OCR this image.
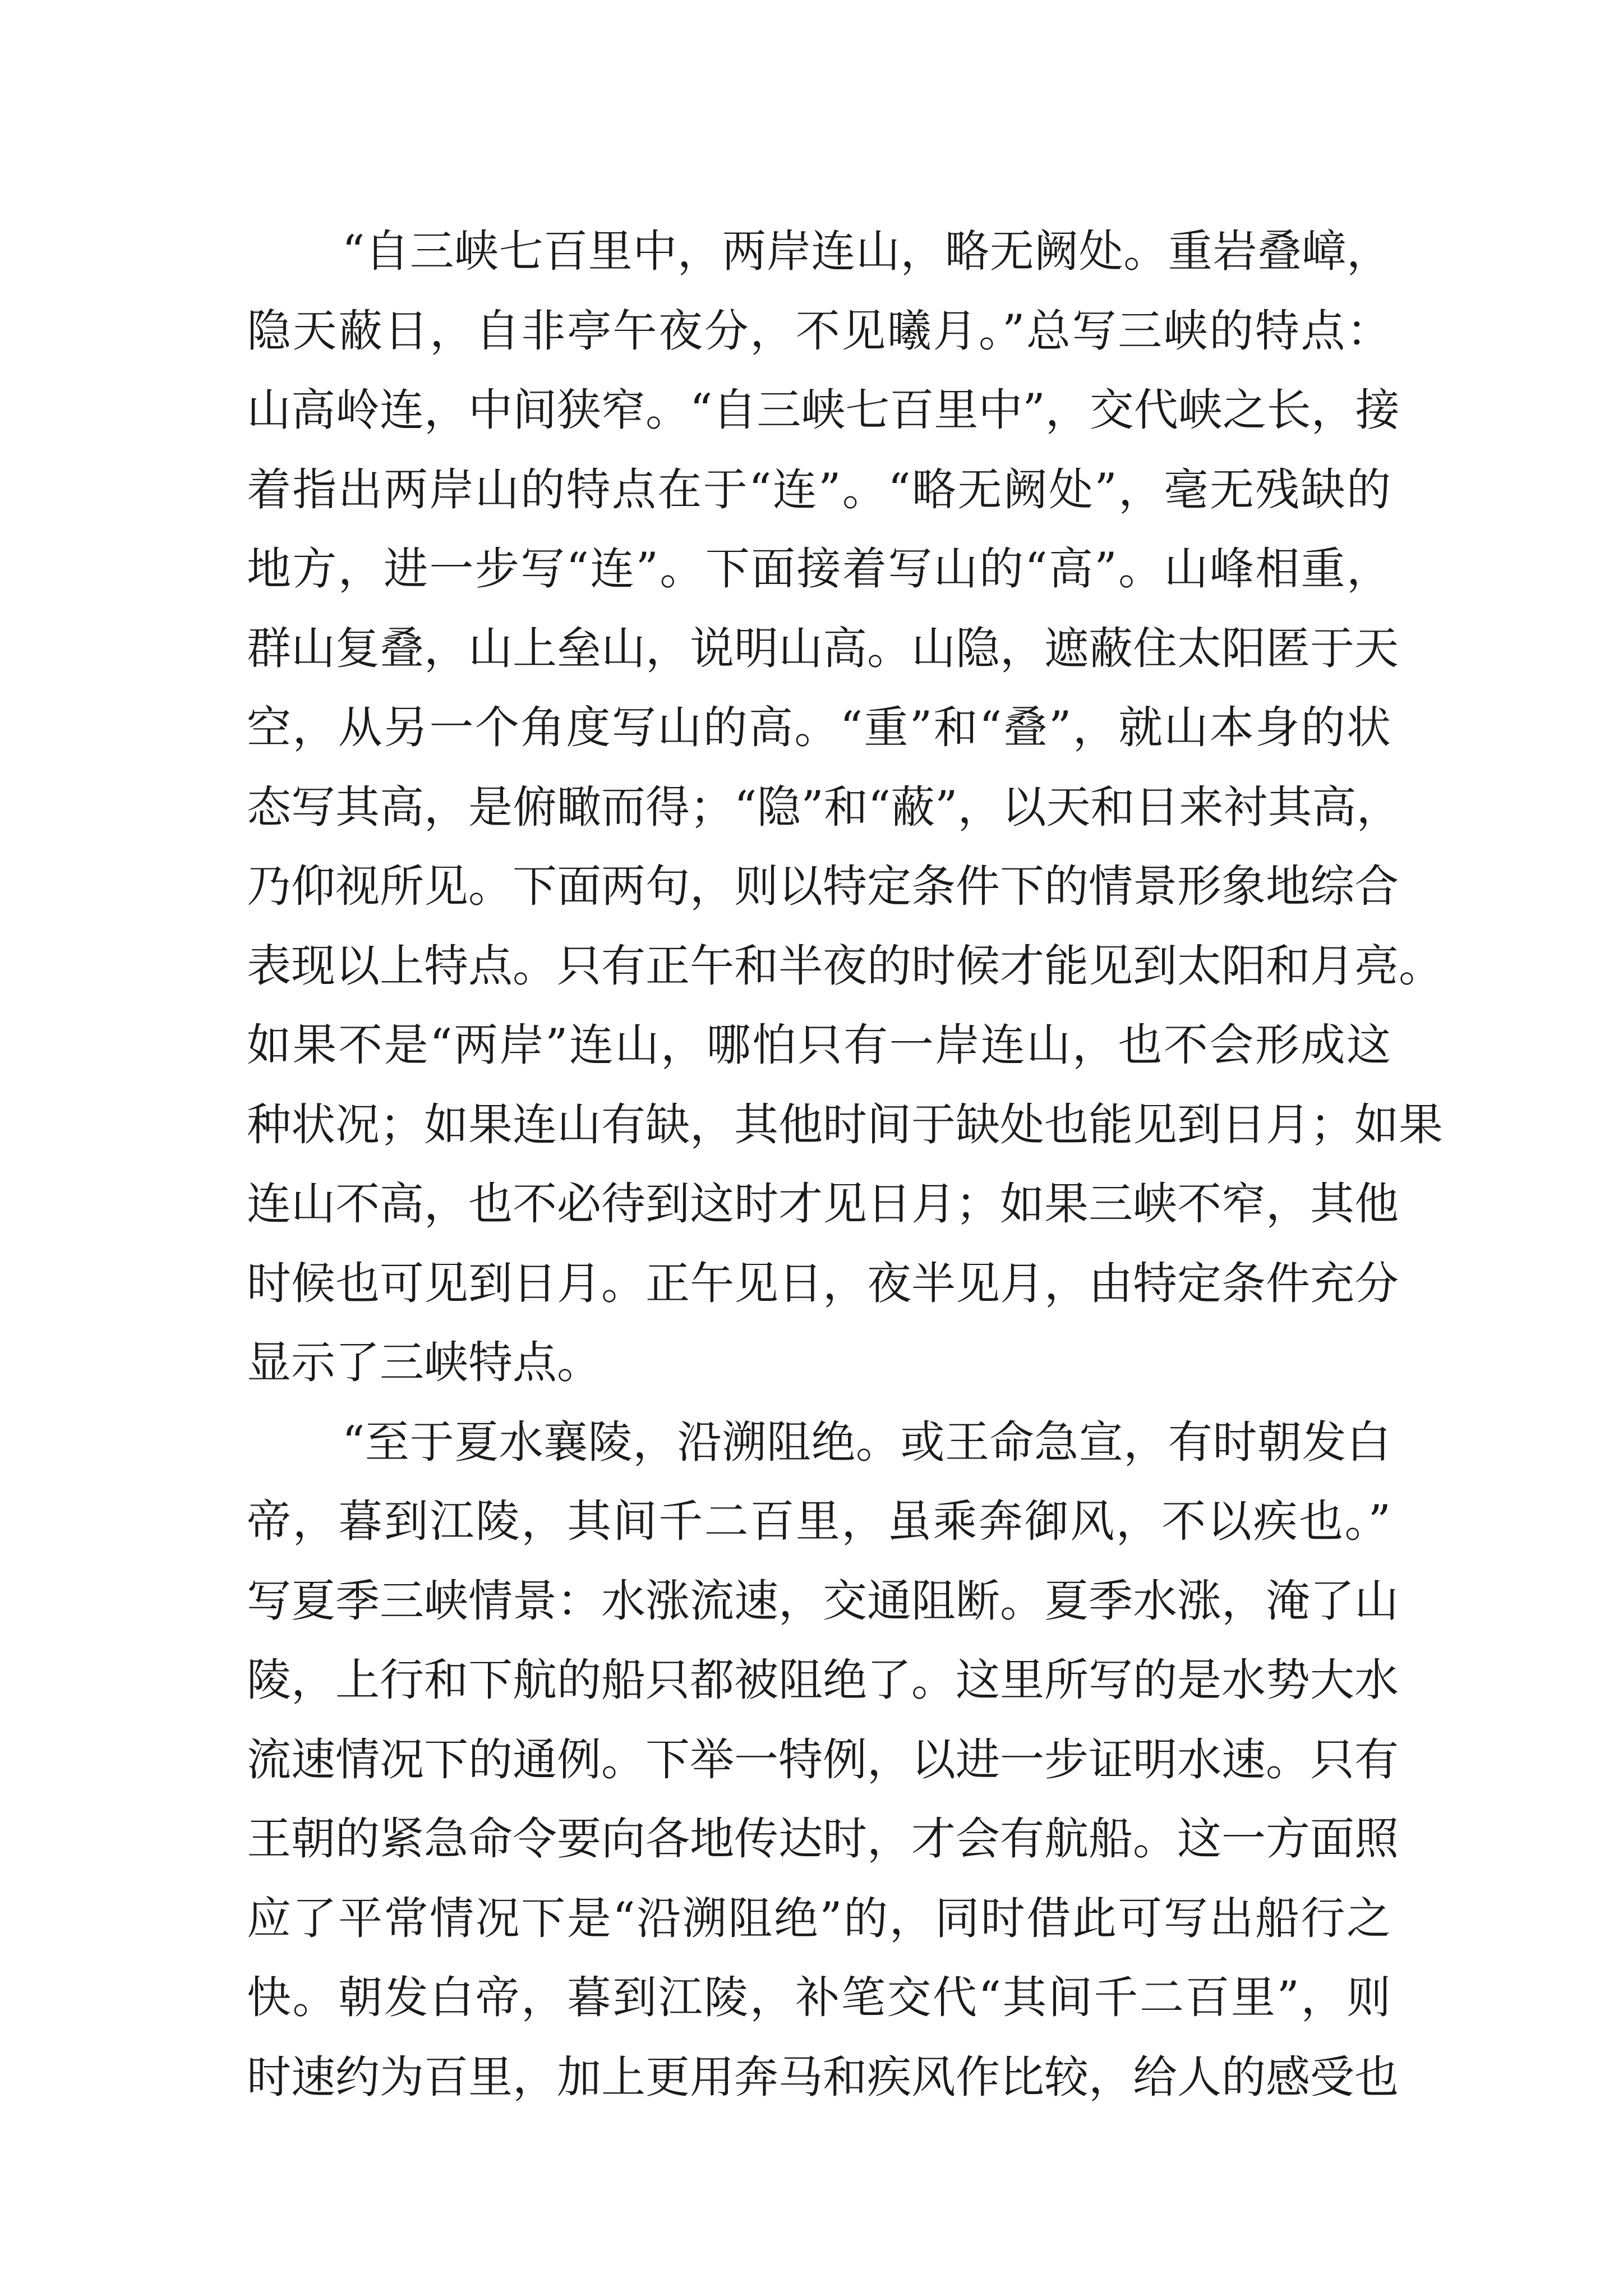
“自三峡七百里中，两岸连山，略无阙处。重岩叠嶂，
隐天蔽日，自非亭午夜分，不见曦月。”总写三峡的特点：
山高岭连，中间狭窄。“自三峡七百里中”，交代峡之长，接
着指出两岸山的特点在于“连”。“略无阙处”，毫无残缺的
地方，进一步写“连”。下面接着写山的“高”。山峰相重，
群山复叠，山上垒山，说明山高。山隐，遮蔽住太阳匿于天
空，从另一个角度写山的高。“重”和“叠”，就山本身的状
态写其高，是俯瞰而得；“隐”和“蔽”，以天和日来衬其高，
乃仰视所见。下面两句，则以特定条件下的情景形象地综合
表现以上特点。只有正午和半夜的时候才能见到太阳和月亮。
如果不是“两岸”连山，哪怕只有一岸连山，也不会形成这
种状况；如果连山有缺，其他时间于缺处也能见到日月；如果
连山不高，也不必待到这时才见日月；如果三峡不窄，其他
时候也可见到日月。正午见日，夜半见月，由特定条件充分
显示了三峡特点。
“至于夏水襄陵，沿溯阻绝。或王命急宣，有时朝发白
帝，暮到江陵，其间千二百里，虽乘奔御风，不以疾也。”
写夏季三峡情景：水涨流速，交通阻断。夏季水涨，淹了山
陵，上行和下航的船只都被阻绝了。这里所写的是水势大水
流速情况下的通例。下举一特例，以进一步证明水速。只有
王朝的紧急命令要向各地传达时，才会有航船。这一方面照
应了平常情况下是“沿溯阻绝”的，同时借此可写出船行之
快。朝发白帝，暮到江陵，补笔交代“其间千二百里”，则
时速约为百里，加上更用奔马和疾风作比较，给人的感受也
